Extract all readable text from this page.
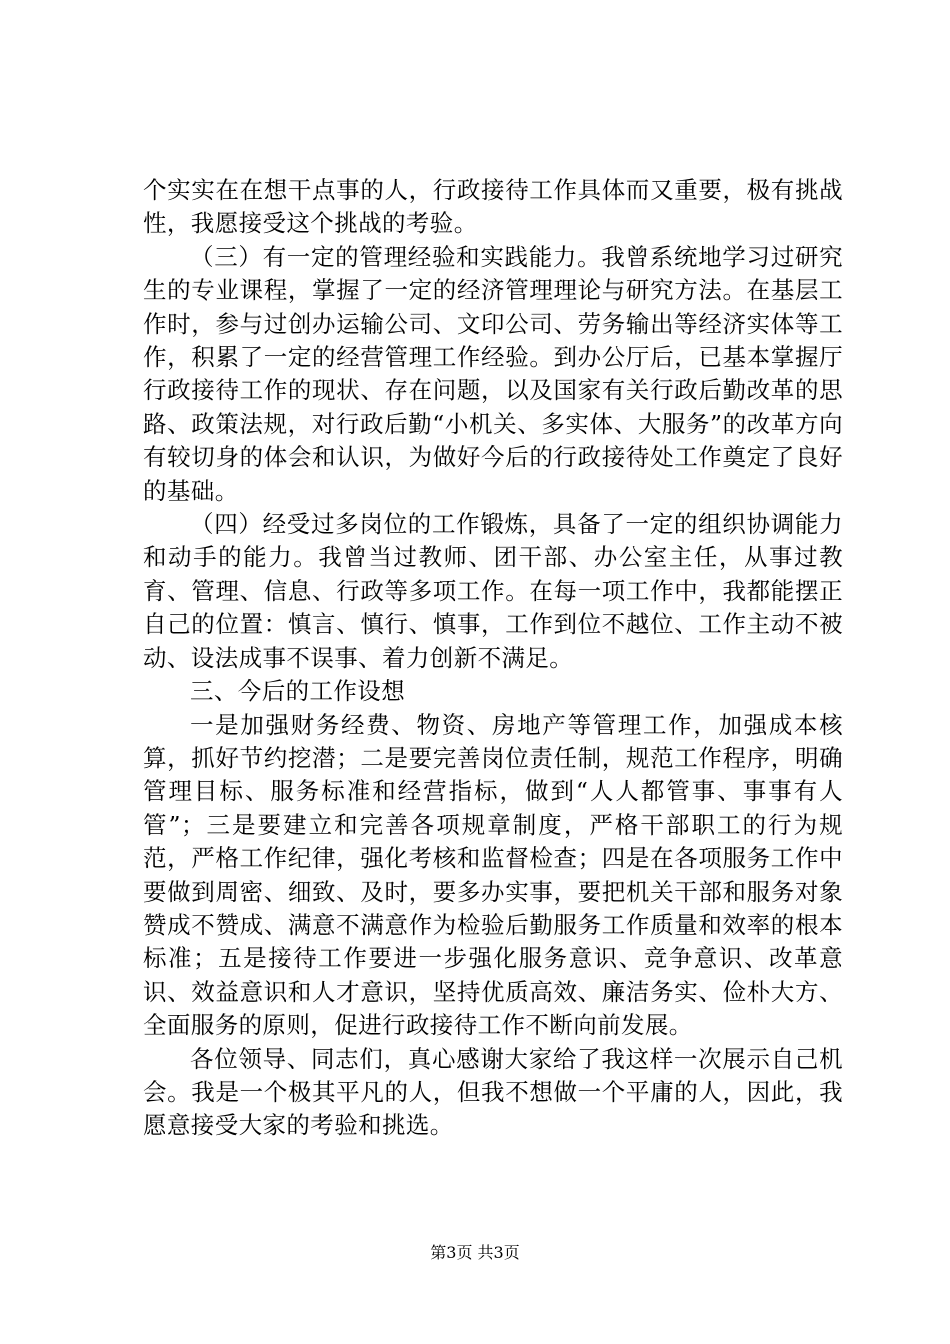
个实实在在想干点事的人，行政接待工作具体而又重要，极有挑战性，我愿接受这个挑战的考验。

（三）有一定的管理经验和实践能力。我曾系统地学习过研究生的专业课程，掌握了一定的经济管理理论与研究方法。在基层工作时，参与过创办运输公司、文印公司、劳务输出等经济实体等工作，积累了一定的经营管理工作经验。到办公厅后，已基本掌握厅行政接待工作的现状、存在问题，以及国家有关行政后勤改革的思路、政策法规，对行政后勤“小机关、多实体、大服务”的改革方向有较切身的体会和认识，为做好今后的行政接待处工作奠定了良好的基础。

（四）经受过多岗位的工作锻炼，具备了一定的组织协调能力和动手的能力。我曾当过教师、团干部、办公室主任，从事过教育、管理、信息、行政等多项工作。在每一项工作中，我都能摆正自己的位置：慎言、慎行、慎事，工作到位不越位、工作主动不被动、设法成事不误事、着力创新不满足。

三、今后的工作设想

一是加强财务经费、物资、房地产等管理工作，加强成本核算，抓好节约挖潜；二是要完善岗位责任制，规范工作程序，明确管理目标、服务标准和经营指标，做到“人人都管事、事事有人管”；三是要建立和完善各项规章制度，严格干部职工的行为规范，严格工作纪律，强化考核和监督检查；四是在各项服务工作中要做到周密、细致、及时，要多办实事，要把机关干部和服务对象赞成不赞成、满意不满意作为检验后勤服务工作质量和效率的根本标准；五是接待工作要进一步强化服务意识、竞争意识、改革意识、效益意识和人才意识，坚持优质高效、廉洁务实、俭朴大方、全面服务的原则，促进行政接待工作不断向前发展。

各位领导、同志们，真心感谢大家给了我这样一次展示自己机会。我是一个极其平凡的人，但我不想做一个平庸的人，因此，我愿意接受大家的考验和挑选。

第3页 共3页
